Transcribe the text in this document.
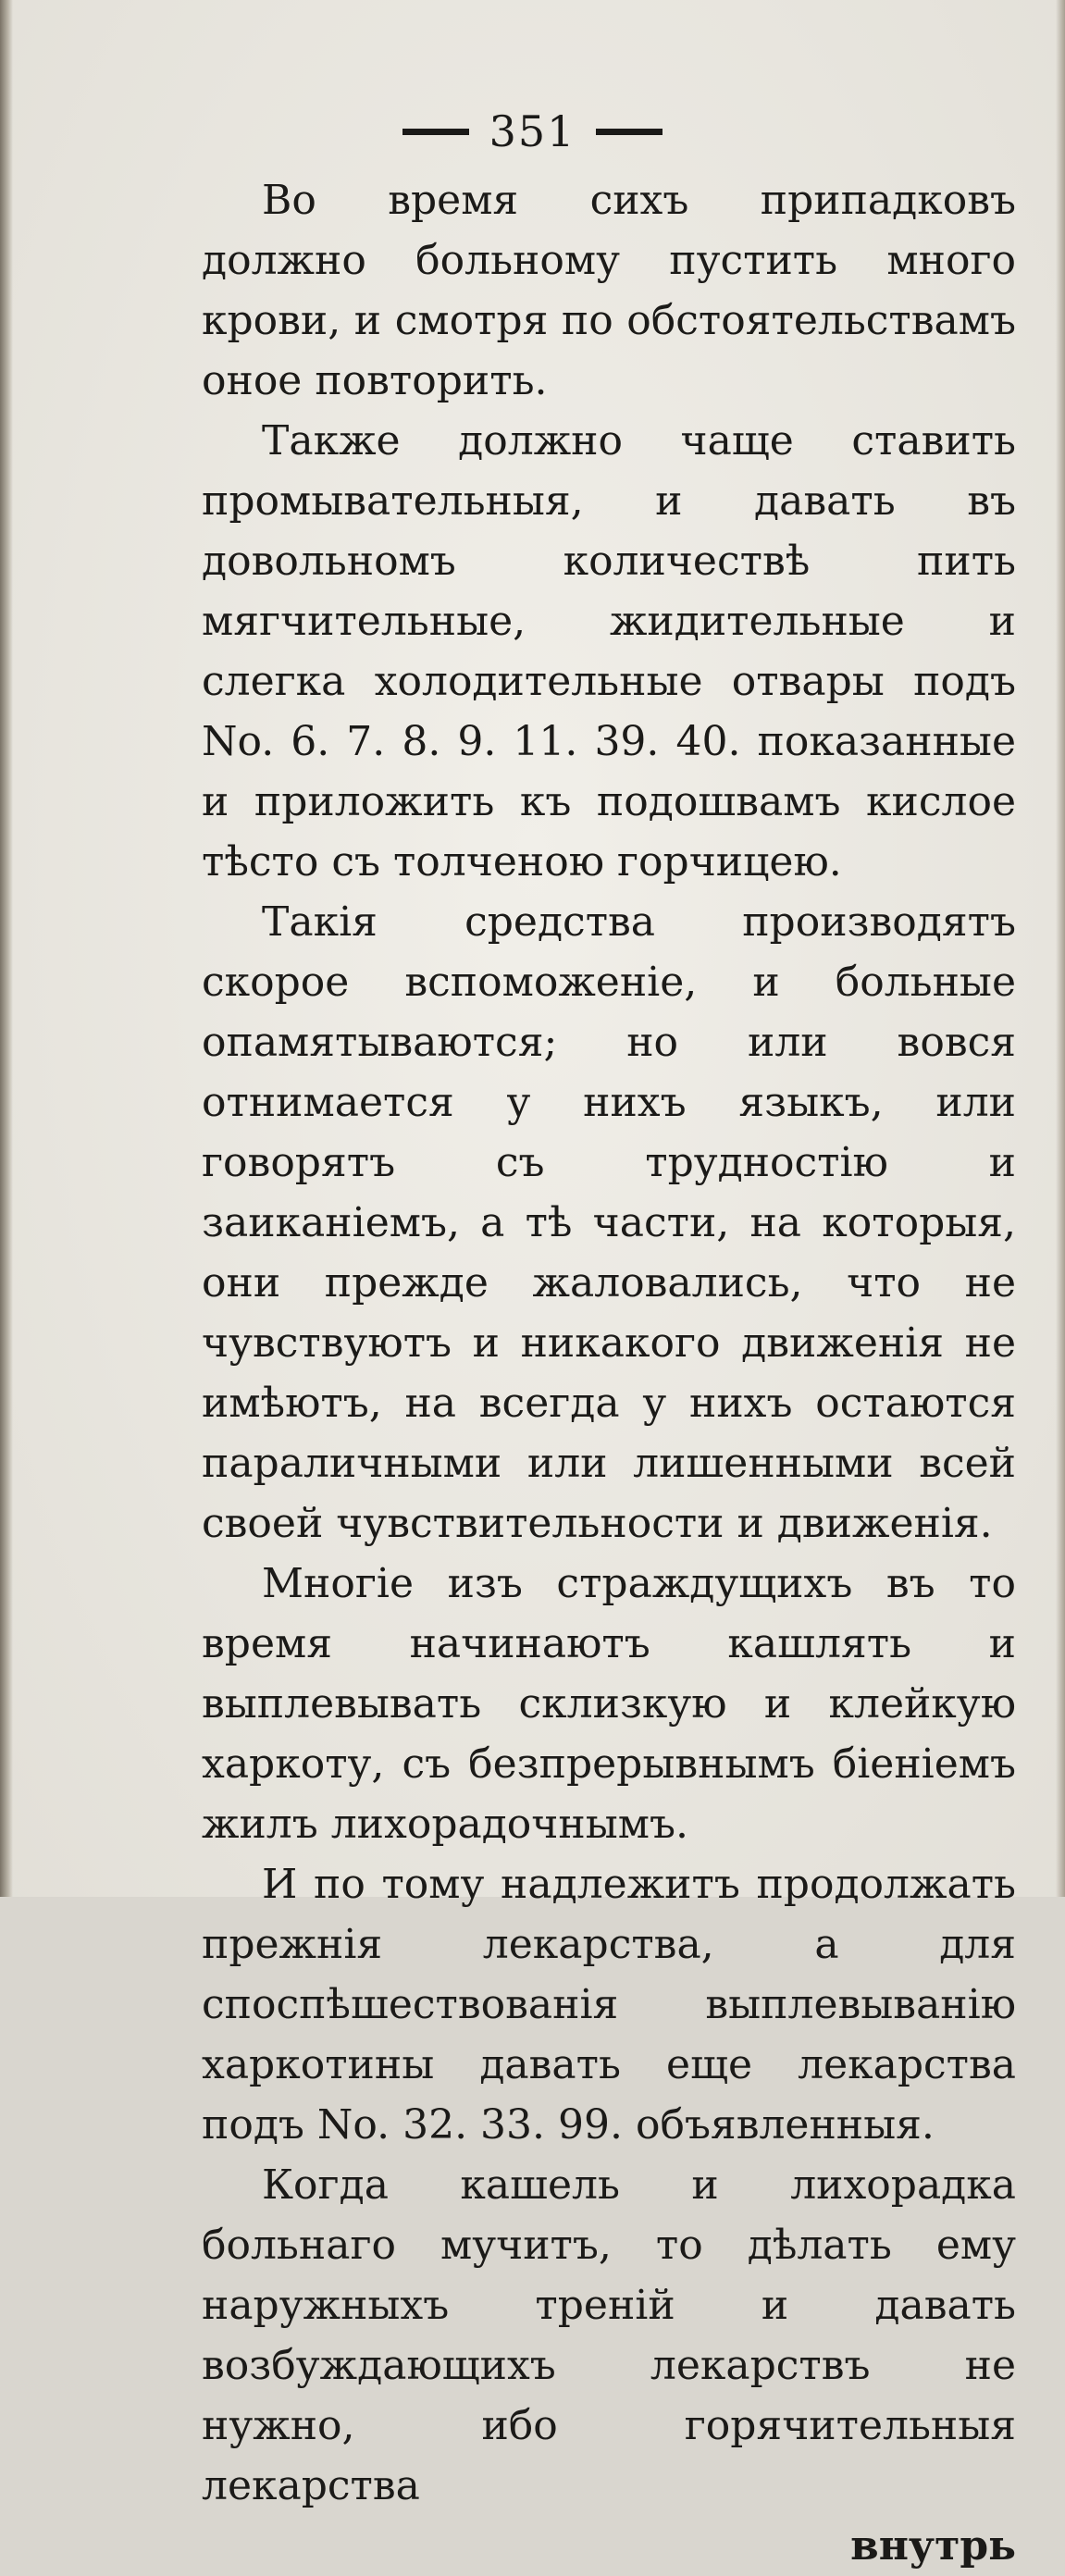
351

Во время сихъ припадковъ должно больному пустить много крови, и смотря по обстоятельствамъ оное повторить.

Также должно чаще ставить промывательныя, и давать въ довольномъ количествѣ пить мягчительные, жидительные и слегка холодительные отвары подъ No. 6. 7. 8. 9. 11. 39. 40. показанные и приложить къ подошвамъ кислое тѣсто съ толченою горчицею.

Такія средства производятъ скорое вспоможеніе, и больные опамятываются; но или вовся отнимается у нихъ языкъ, или говорятъ съ трудностію и заиканіемъ, а тѣ части, на которыя, они прежде жаловались, что не чувствуютъ и никакого движенія не имѣютъ, на всегда у нихъ остаются параличными или лишенными всей своей чувствительности и движенія.

Многіе изъ страждущихъ въ то время начинаютъ кашлять и выплевывать склизкую и клейкую харкоту, съ безпрерывнымъ біеніемъ жилъ лихорадочнымъ.

И по тому надлежитъ продолжать прежнія лекарства, а для споспѣшествованія выплевыванію харкотины давать еще лекарства подъ No. 32. 33. 99. объявленныя.

Когда кашель и лихорадка больнаго мучитъ, то дѣлать ему наружныхъ треній и давать возбуждающихъ лекарствъ не нужно, ибо горячительныя лекарства

внутрь
